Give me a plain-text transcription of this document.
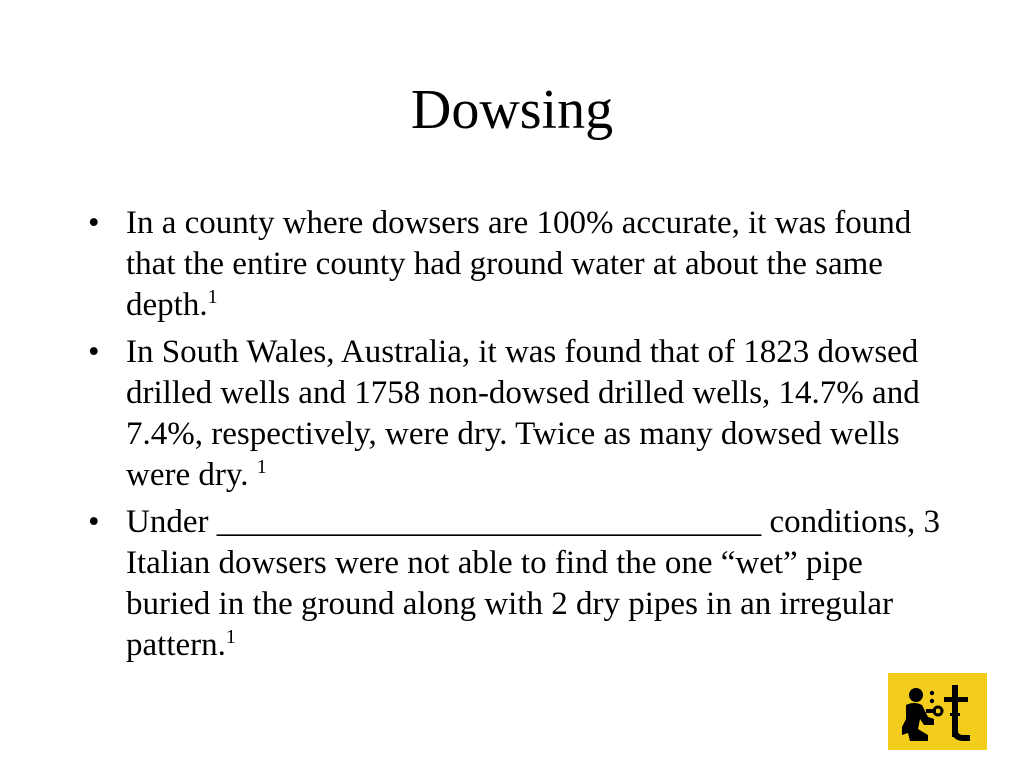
Dowsing
• In a county where dowsers are 100% accurate, it was found that the entire county had ground water at about the same depth.$^1$
• In South Wales, Australia, it was found that of 1823 dowsed drilled wells and 1758 non-dowsed drilled wells, 14.7% and 7.4%, respectively, were dry. Twice as many dowsed wells were dry. $^1$
• Under _________________________________ conditions, 3 Italian dowsers were not able to find the one “wet” pipe buried in the ground along with 2 dry pipes in an irregular pattern.$^1$
